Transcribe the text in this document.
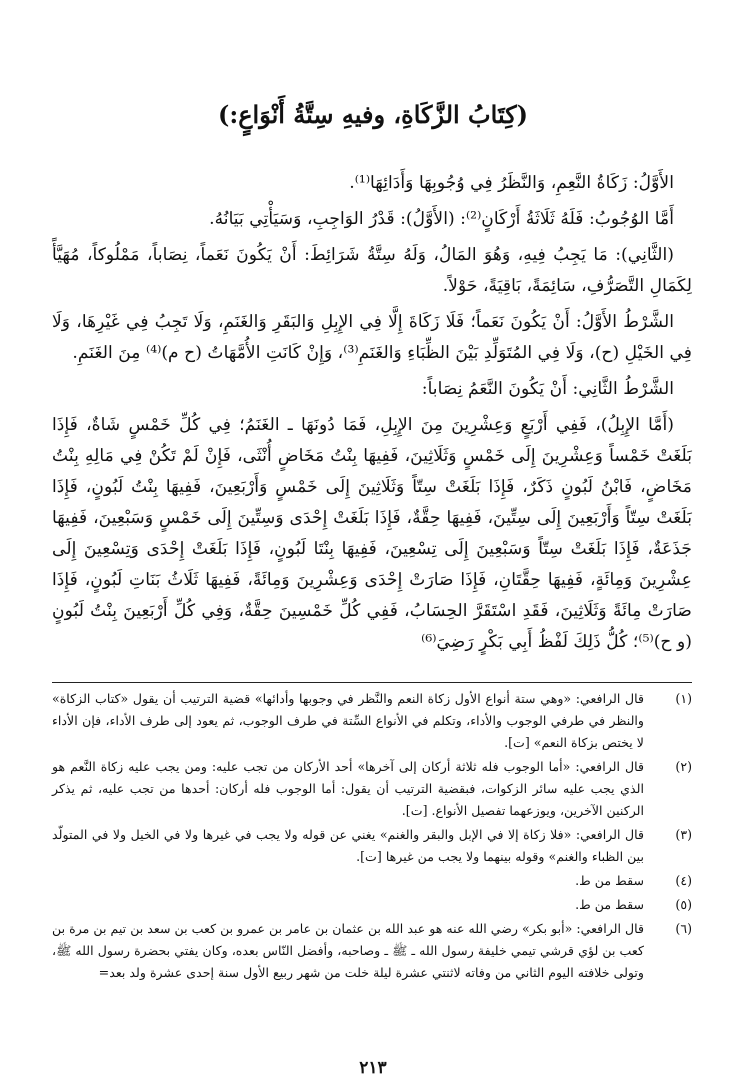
(كِتَابُ الزَّكَاةِ، وفيهِ سِتَّةُ أَنْوَاعٍ:)

الأَوَّلُ: زَكَاةُ النَّعِمِ، وَالنَّظَرُ فِي وُجُوبِهَا وَأَدَائِهَا⁽¹⁾.

أَمَّا الوُجُوبُ: فَلَهُ ثَلَاثَةُ أَرْكَانٍ⁽²⁾: (الأَوَّلُ): قَدْرُ الوَاجِبِ، وَسَيَأْتِي بَيَانُهُ.

(الثَّانِي): مَا يَجِبُ فِيهِ، وَهُوَ المَالُ، وَلَهُ سِتَّةُ شَرَائِطَ: أَنْ يَكُونَ نَعَماً، نِصَاباً، مَمْلُوكاً، مُهَيَّأً لِكَمَالِ التَّصَرُّفِ، سَائِمَةً، بَاقِيَةً، حَوْلاً.

الشَّرْطُ الأَوَّلُ: أَنْ يَكُونَ نَعَماً؛ فَلَا زَكَاةَ إِلَّا فِي الإِبِلِ وَالبَقَرِ وَالغَنَمِ، وَلَا تَجِبُ فِي غَيْرِهَا، وَلَا فِي الخَيْلِ (ح)، وَلَا فِي المُتَوَلِّدِ بَيْنَ الظِّبَاءِ وَالغَنَمِ⁽³⁾، وَإِنْ كَانَتِ الأُمَّهَاتُ (ح م)⁽⁴⁾ مِنَ الغَنَمِ.

الشَّرْطُ الثَّانِي: أَنْ يَكُونَ النَّعَمُ نِصَاباً:

(أَمَّا الإِبِلُ)، فَفِي أَرْبَعٍ وَعِشْرِينَ مِنَ الإِبِلِ، فَمَا دُونَهَا ـ الغَنَمُ؛ فِي كُلِّ خَمْسٍ شَاةٌ، فَإِذَا بَلَغَتْ خَمْساً وَعِشْرِينَ إِلَى خَمْسٍ وَثَلَاثِينَ، فَفِيهَا بِنْتُ مَخَاضٍ أُنْثَى، فَإِنْ لَمْ تَكُنْ فِي مَالِهِ بِنْتُ مَخَاضٍ، فَابْنُ لَبُونٍ ذَكَرٌ، فَإِذَا بَلَغَتْ سِتّاً وَثَلَاثِينَ إِلَى خَمْسٍ وَأَرْبَعِينَ، فَفِيهَا بِنْتُ لَبُونٍ، فَإِذَا بَلَغَتْ سِتّاً وَأَرْبَعِينَ إِلَى سِتِّينَ، فَفِيهَا حِقَّةٌ، فَإِذَا بَلَغَتْ إِحْدَى وَسِتِّينَ إِلَى خَمْسٍ وَسَبْعِينَ، فَفِيهَا جَذَعَةٌ، فَإِذَا بَلَغَتْ سِتّاً وَسَبْعِينَ إِلَى تِسْعِينَ، فَفِيهَا بِنْتَا لَبُونٍ، فَإِذَا بَلَغَتْ إِحْدَى وَتِسْعِينَ إِلَى عِشْرِينَ وَمِائَةٍ، فَفِيهَا حِقَّتَانِ، فَإِذَا صَارَتْ إِحْدَى وَعِشْرِينَ وَمِائَةً، فَفِيهَا ثَلَاثُ بَنَاتِ لَبُونٍ، فَإِذَا صَارَتْ مِائَةً وَثَلَاثِينَ، فَقَدِ اسْتَقَرَّ الحِسَابُ، فَفِي كُلِّ خَمْسِينَ حِقَّةٌ، وَفِي كُلِّ أَرْبَعِينَ بِنْتُ لَبُونٍ (و ح)⁽⁵⁾؛ كُلُّ ذَلِكَ لَفْظُ أَبِي بَكْرٍ رَضِيَ⁽⁶⁾

(١)
قال الرافعي: «وهي ستة أنواع الأول زكاة النعم والنَّظر في وجوبها وأدائها» قضية الترتيب أن يقول «كتاب الزكاة» والنظر في طرفي الوجوب والأداء، وتكلم في الأنواع السِّتة في طرف الوجوب، ثم يعود إلى طرف الأداء، فإن الأداء لا يختص بزكاة النعم» [ت].
(٢)
قال الرافعي: «أما الوجوب فله ثلاثة أركان إلى آخرها» أحد الأركان من تجب عليه: ومن يجب عليه زكاة النَّعم هو الذي يجب عليه سائر الزكوات، فبقضية الترتيب أن يقول: أما الوجوب فله أركان: أحدها من تجب عليه، ثم يذكر الركنين الآخرين، ويوزعهما تفصيل الأنواع. [ت].
(٣)
قال الرافعي: «فلا زكاة إلا في الإبل والبقر والغنم» يغني عن قوله ولا يجب في غيرها ولا في الخيل ولا في المتولّد بين الظباء والغنم» وقوله بينهما ولا يجب من غيرها [ت].
(٤)
سقط من ط.
(٥)
سقط من ط.
(٦)
قال الرافعي: «أبو بكر» رضي الله عنه هو عبد الله بن عثمان بن عامر بن عمرو بن كعب بن سعد بن تيم بن مرة بن كعب بن لؤي قرشي تيمي خليفة رسول الله ـ ﷺ ـ وصاحبه، وأفضل النّاس بعده، وكان يفتي بحضرة رسول الله ﷺ، وتولى خلافته اليوم الثاني من وفاته لاثنتي عشرة ليلة خلت من شهر ربيع الأول سنة إحدى عشرة ولد بعد=
٢١٣
